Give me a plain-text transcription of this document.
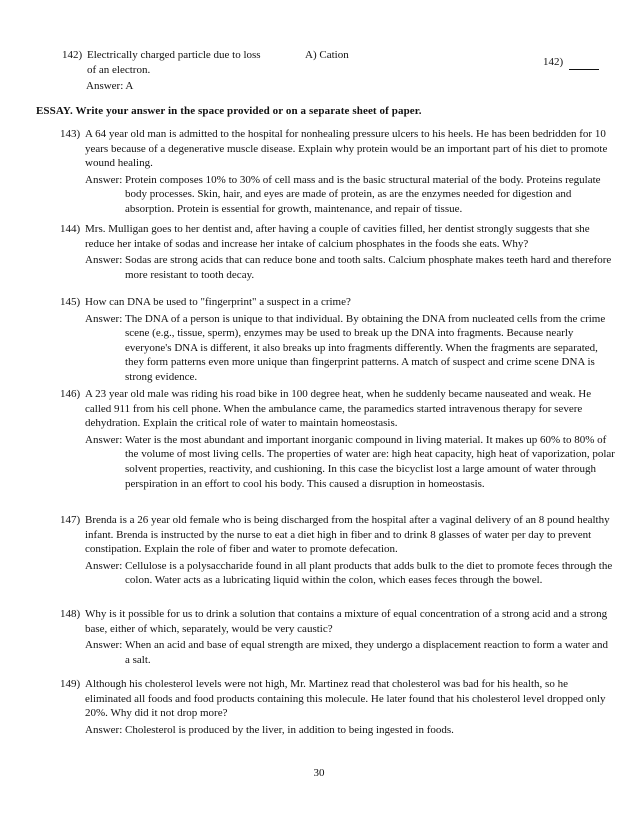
142) Electrically charged particle due to loss of an electron.
A) Cation
142)
Answer: A
ESSAY. Write your answer in the space provided or on a separate sheet of paper.
143) A 64 year old man is admitted to the hospital for nonhealing pressure ulcers to his heels. He has been bedridden for 10 years because of a degenerative muscle disease. Explain why protein would be an important part of his diet to promote wound healing.
Answer: Protein composes 10% to 30% of cell mass and is the basic structural material of the body. Proteins regulate body processes. Skin, hair, and eyes are made of protein, as are the enzymes needed for digestion and absorption. Protein is essential for growth, maintenance, and repair of tissue.
144) Mrs. Mulligan goes to her dentist and, after having a couple of cavities filled, her dentist strongly suggests that she reduce her intake of sodas and increase her intake of calcium phosphates in the foods she eats. Why?
Answer: Sodas are strong acids that can reduce bone and tooth salts. Calcium phosphate makes teeth hard and therefore more resistant to tooth decay.
145) How can DNA be used to "fingerprint" a suspect in a crime?
Answer: The DNA of a person is unique to that individual. By obtaining the DNA from nucleated cells from the crime scene (e.g., tissue, sperm), enzymes may be used to break up the DNA into fragments. Because nearly everyone's DNA is different, it also breaks up into fragments differently. When the fragments are separated, they form patterns even more unique than fingerprint patterns. A match of suspect and crime scene DNA is strong evidence.
146) A 23 year old male was riding his road bike in 100 degree heat, when he suddenly became nauseated and weak. He called 911 from his cell phone. When the ambulance came, the paramedics started intravenous therapy for severe dehydration. Explain the critical role of water to maintain homeostasis.
Answer: Water is the most abundant and important inorganic compound in living material. It makes up 60% to 80% of the volume of most living cells. The properties of water are: high heat capacity, high heat of vaporization, polar solvent properties, reactivity, and cushioning. In this case the bicyclist lost a large amount of water through perspiration in an effort to cool his body. This caused a disruption in homeostasis.
147) Brenda is a 26 year old female who is being discharged from the hospital after a vaginal delivery of an 8 pound healthy infant. Brenda is instructed by the nurse to eat a diet high in fiber and to drink 8 glasses of water per day to prevent constipation. Explain the role of fiber and water to promote defecation.
Answer: Cellulose is a polysaccharide found in all plant products that adds bulk to the diet to promote feces through the colon. Water acts as a lubricating liquid within the colon, which eases feces through the bowel.
148) Why is it possible for us to drink a solution that contains a mixture of equal concentration of a strong acid and a strong base, either of which, separately, would be very caustic?
Answer: When an acid and base of equal strength are mixed, they undergo a displacement reaction to form a water and a salt.
149) Although his cholesterol levels were not high, Mr. Martinez read that cholesterol was bad for his health, so he eliminated all foods and food products containing this molecule. He later found that his cholesterol level dropped only 20%. Why did it not drop more?
Answer: Cholesterol is produced by the liver, in addition to being ingested in foods.
30
